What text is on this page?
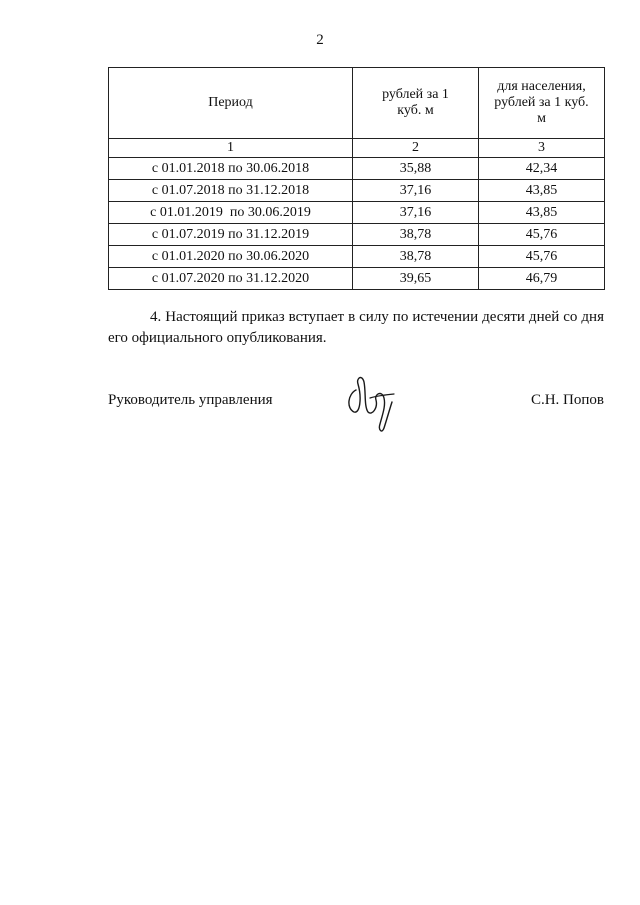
2
Период	рублей за 1 куб. м	для населения, рублей за 1 куб. м
1	2	3
с 01.01.2018 по 30.06.2018	35,88	42,34
с 01.07.2018 по 31.12.2018	37,16	43,85
с 01.01.2019  по 30.06.2019	37,16	43,85
с 01.07.2019 по 31.12.2019	38,78	45,76
с 01.01.2020 по 30.06.2020	38,78	45,76
с 01.07.2020 по 31.12.2020	39,65	46,79

4. Настоящий приказ вступает в силу по истечении десяти дней со дня его официального опубликования.

Руководитель управления	С.Н. Попов
